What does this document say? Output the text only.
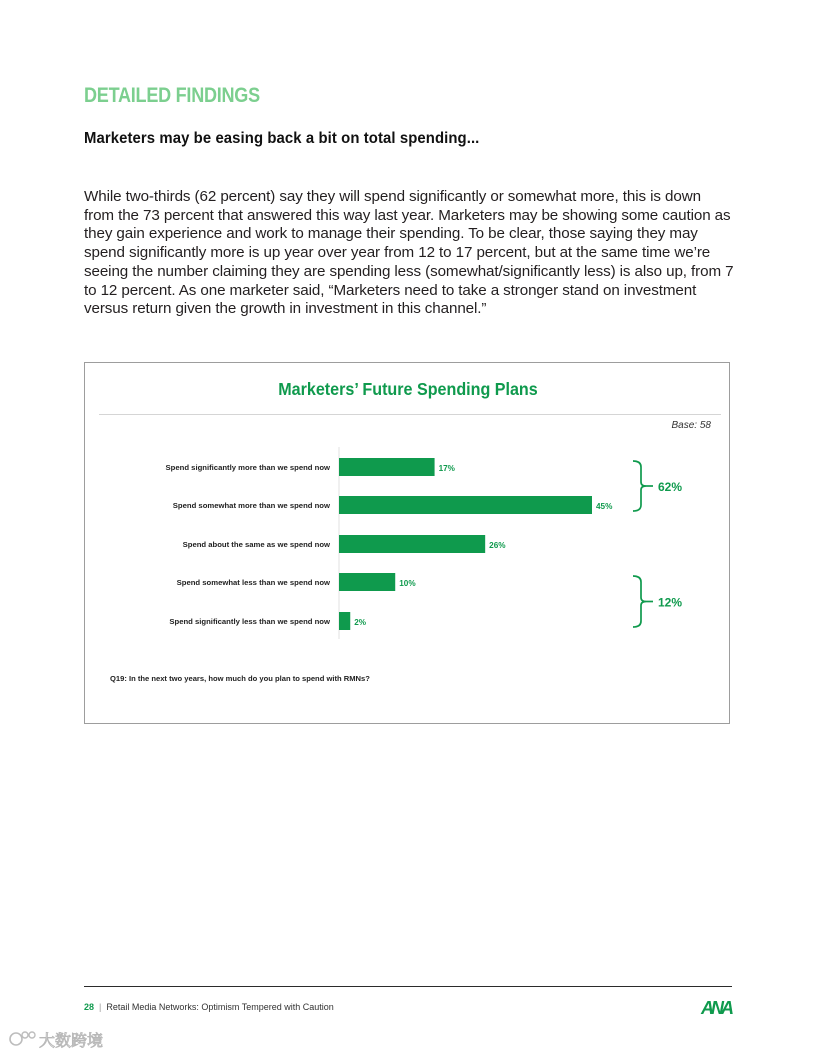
DETAILED FINDINGS
Marketers may be easing back a bit on total spending...

While two-thirds (62 percent) say they will spend significantly or somewhat more, this is down from the 73 percent that answered this way last year. Marketers may be showing some caution as they gain experience and work to manage their spending. To be clear, those saying they may spend significantly more is up year over year from 12 to 17 percent, but at the same time we’re seeing the number claiming they are spending less (somewhat/significantly less) is also up, from 7 to 12 percent. As one marketer said, “Marketers need to take a stronger stand on investment versus return given the growth in investment in this channel.”

Marketers’ Future Spending Plans
Base: 58
Spend significantly more than we spend now	17%
Spend somewhat more than we spend now	45%
Spend about the same as we spend now	26%
Spend somewhat less than we spend now	10%
Spend significantly less than we spend now	2%
62%
12%
Q19: In the next two years, how much do you plan to spend with RMNs?
28 | Retail Media Networks: Optimism Tempered with Caution	ANA
大数跨境
